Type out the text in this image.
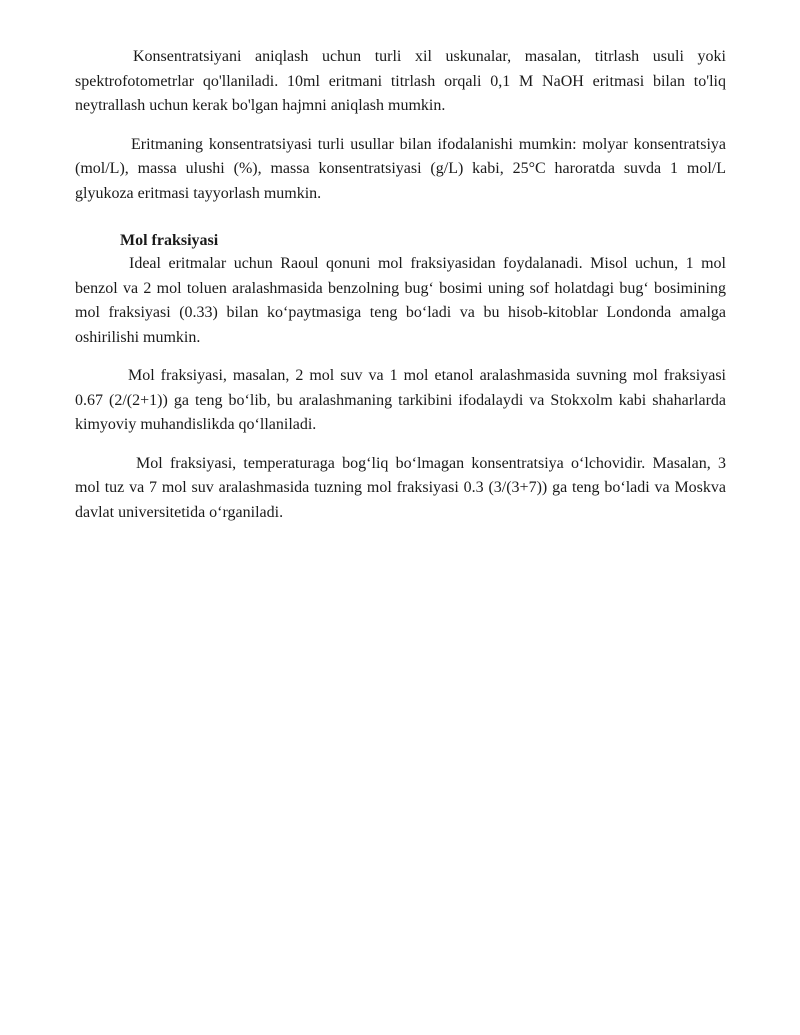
Konsentratsiyani aniqlash uchun turli xil uskunalar, masalan, titrlash usuli yoki spektrofotometrlar qo'llaniladi. 10ml eritmani titrlash orqali 0,1 M NaOH eritmasi bilan to'liq neytrallash uchun kerak bo'lgan hajmni aniqlash mumkin.

Eritmaning konsentratsiyasi turli usullar bilan ifodalanishi mumkin: molyar konsentratsiya (mol/L), massa ulushi (%), massa konsentratsiyasi (g/L) kabi, 25°C haroratda suvda 1 mol/L glyukoza eritmasi tayyorlash mumkin.

Mol fraksiyasi

Ideal eritmalar uchun Raoul qonuni mol fraksiyasidan foydalanadi. Misol uchun, 1 mol benzol va 2 mol toluen aralashmasida benzolning bug‘ bosimi uning sof holatdagi bug‘ bosimining mol fraksiyasi (0.33) bilan ko‘paytmasiga teng bo‘ladi va bu hisob-kitoblar Londonda amalga oshirilishi mumkin.

Mol fraksiyasi, masalan, 2 mol suv va 1 mol etanol aralashmasida suvning mol fraksiyasi 0.67 (2/(2+1)) ga teng bo‘lib, bu aralashmaning tarkibini ifodalaydi va Stokxolm kabi shaharlarda kimyoviy muhandislikda qo‘llaniladi.

Mol fraksiyasi, temperaturaga bog‘liq bo‘lmagan konsentratsiya o‘lchovidir. Masalan, 3 mol tuz va 7 mol suv aralashmasida tuzning mol fraksiyasi 0.3 (3/(3+7)) ga teng bo‘ladi va Moskva davlat universitetida o‘rganiladi.
